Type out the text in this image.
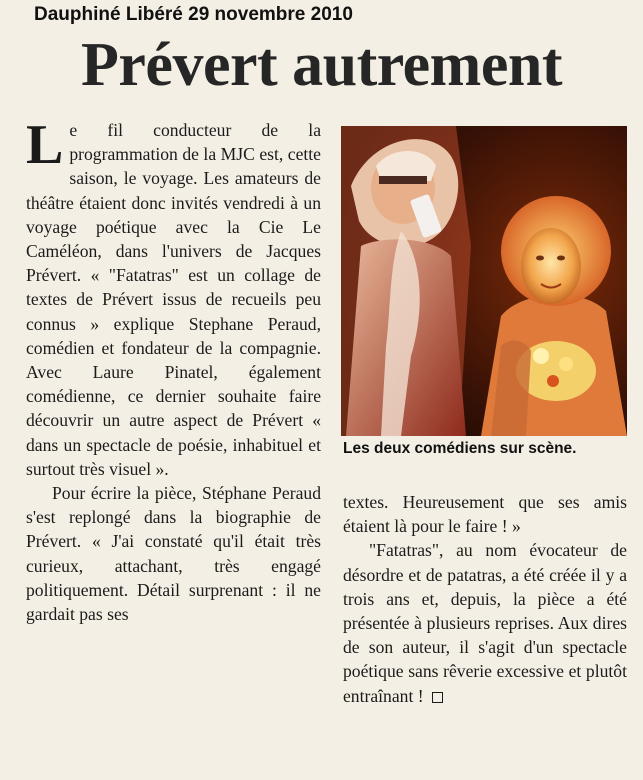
Dauphiné Libéré 29 novembre 2010
Prévert autrement

Le fil conducteur de la programmation de la MJC est, cette saison, le voyage. Les amateurs de théâtre étaient donc invités vendredi à un voyage poétique avec la Cie Le Caméléon, dans l'univers de Jacques Prévert. « "Fatatras" est un collage de textes de Prévert issus de recueils peu connus » explique Stephane Peraud, comédien et fondateur de la compagnie. Avec Laure Pinatel, également comédienne, ce dernier souhaite faire découvrir un autre aspect de Prévert « dans un spectacle de poésie, inhabituel et surtout très visuel ».

Pour écrire la pièce, Stéphane Peraud s'est replongé dans la biographie de Prévert. « J'ai constaté qu'il était très curieux, attachant, très engagé politiquement. Détail surprenant : il ne gardait pas ses

Les deux comédiens sur scène.

textes. Heureusement que ses amis étaient là pour le faire ! »

"Fatatras", au nom évocateur de désordre et de patatras, a été créée il y a trois ans et, depuis, la pièce a été présentée à plusieurs reprises. Aux dires de son auteur, il s'agit d'un spectacle poétique sans rêverie excessive et plutôt entraînant !
